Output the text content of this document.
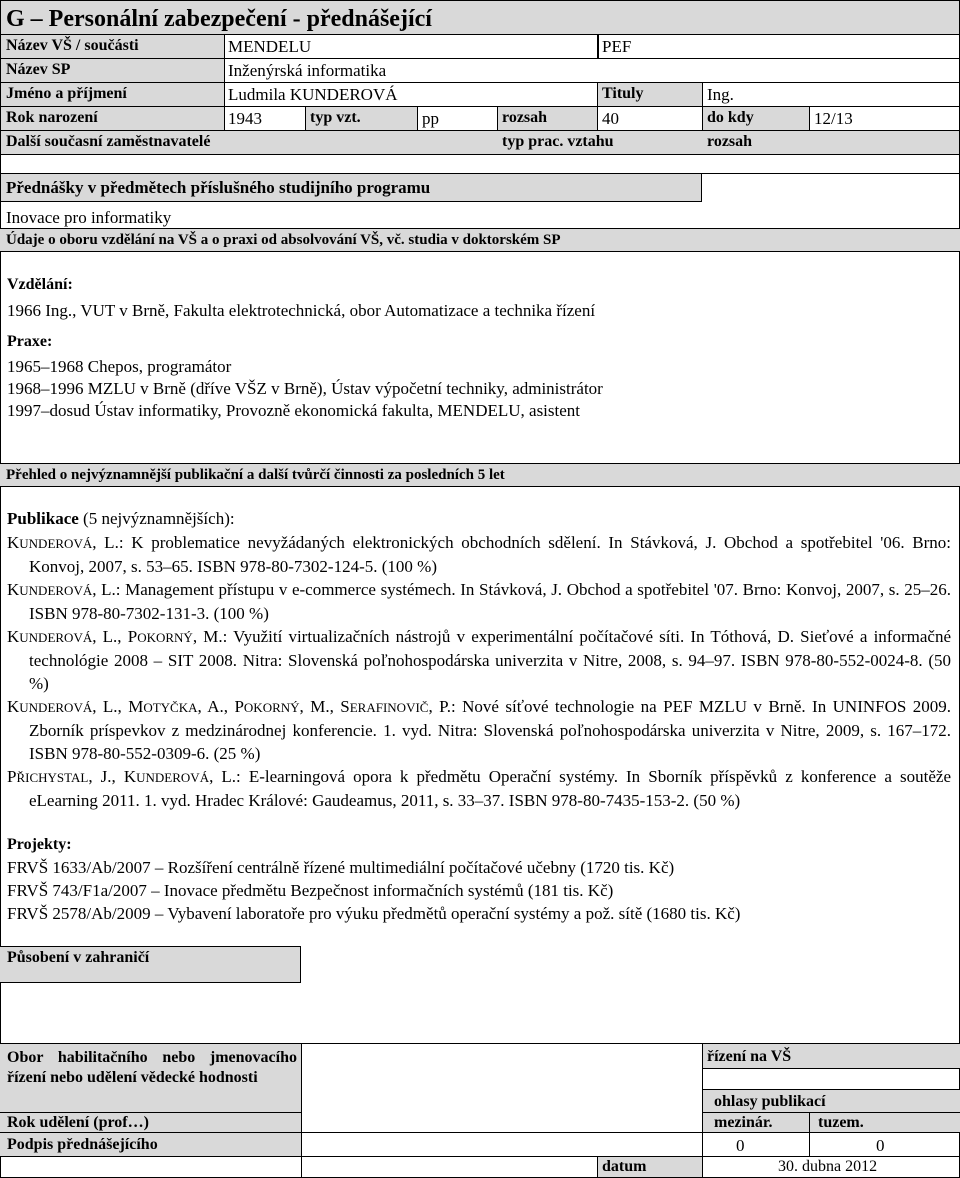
G – Personální zabezpečení - přednášející
Název VŠ / součásti	MENDELU	PEF
Název SP	Inženýrská informatika
Jméno a příjmení	Ludmila KUNDEROVÁ	Tituly	Ing.
Rok narození	1943	typ vzt.	pp	rozsah	40	do kdy	12/13
Další současní zaměstnavatelé	typ prac. vztahu	rozsah
Přednášky v předmětech příslušného studijního programu
Inovace pro informatiky
Údaje o oboru vzdělání na VŠ a o praxi od absolvování VŠ, vč. studia v doktorském SP
Vzdělání:
1966 Ing., VUT v Brně, Fakulta elektrotechnická, obor Automatizace a technika řízení
Praxe:
1965–1968 Chepos, programátor
1968–1996 MZLU v Brně (dříve VŠZ v Brně), Ústav výpočetní techniky, administrátor
1997–dosud Ústav informatiky, Provozně ekonomická fakulta, MENDELU, asistent
Přehled o nejvýznamnější publikační a další tvůrčí činnosti za posledních 5 let
Publikace (5 nejvýznamnějších):
KUNDEROVÁ, L.: K problematice nevyžádaných elektronických obchodních sdělení. In Stávková, J. Obchod a spotřebitel '06. Brno: Konvoj, 2007, s. 53–65. ISBN 978-80-7302-124-5. (100 %)
KUNDEROVÁ, L.: Management přístupu v e-commerce systémech. In Stávková, J. Obchod a spotřebitel '07. Brno: Konvoj, 2007, s. 25–26. ISBN 978-80-7302-131-3. (100 %)
KUNDEROVÁ, L., POKORNÝ, M.: Využití virtualizačních nástrojů v experimentální počítačové síti. In Tóthová, D. Sieťové a informačné technológie 2008 – SIT 2008. Nitra: Slovenská poľnohospodárska univerzita v Nitre, 2008, s. 94–97. ISBN 978-80-552-0024-8. (50 %)
KUNDEROVÁ, L., MOTYČKA, A., POKORNÝ, M., SERAFINOVIČ, P.: Nové síťové technologie na PEF MZLU v Brně. In UNINFOS 2009. Zborník príspevkov z medzinárodnej konferencie. 1. vyd. Nitra: Slovenská poľnohospodárska univerzita v Nitre, 2009, s. 167–172. ISBN 978-80-552-0309-6. (25 %)
PŘICHYSTAL, J., KUNDEROVÁ, L.: E-learningová opora k předmětu Operační systémy. In Sborník příspěvků z konference a soutěže eLearning 2011. 1. vyd. Hradec Králové: Gaudeamus, 2011, s. 33–37. ISBN 978-80-7435-153-2. (50 %)
Projekty:
FRVŠ 1633/Ab/2007 – Rozšíření centrálně řízené multimediální počítačové učebny (1720 tis. Kč)
FRVŠ 743/F1a/2007 – Inovace předmětu Bezpečnost informačních systémů (181 tis. Kč)
FRVŠ 2578/Ab/2009 – Vybavení laboratoře pro výuku předmětů operační systémy a pož. sítě (1680 tis. Kč)
Působení v zahraničí
Obor habilitačního nebo jmenovacího řízení nebo udělení vědecké hodnosti
Rok udělení (prof…)
Podpis přednášejícího
řízení na VŠ
ohlasy publikací
mezinár.	tuzem.
0	0
datum	30. dubna 2012
